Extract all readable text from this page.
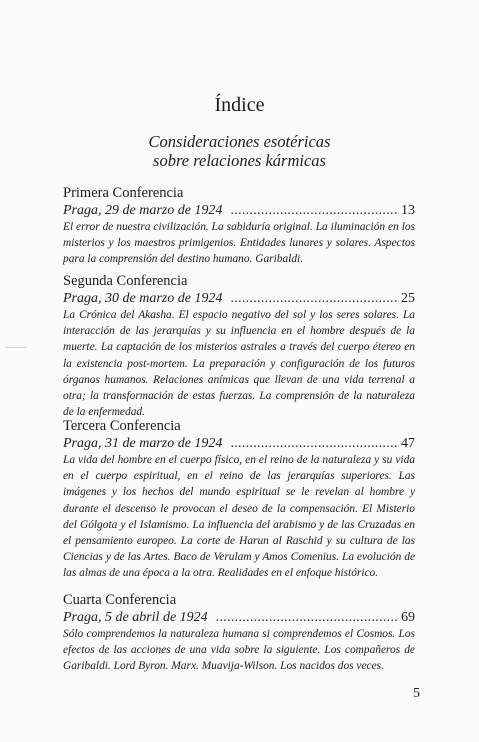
Índice
Consideraciones esotéricas
sobre relaciones kármicas
Primera Conferencia
Praga, 29 de marzo de 1924 .....	13
El error de nuestra civilización. La sabiduría original. La iluminación en los misterios y los maestros primigenios. Entidades lunares y solares. Aspectos para la comprensión del destino humano. Garibaldi.
Segunda Conferencia
Praga, 30 de marzo de 1924 .....	25
La Crónica del Akasha. El espacio negativo del sol y los seres solares. La interacción de las jerarquías y su influencia en el hombre después de la muerte. La captación de los misterios astrales a través del cuerpo étereo en la existencia post-mortem. La preparación y configuración de los futuros órganos humanos. Relaciones anímicas que llevan de una vida terrenal a otra; la transformación de estas fuerzas. La comprensión de la naturaleza de la enfermedad.
Tercera Conferencia
Praga, 31 de marzo de 1924 .....	47
La vida del hombre en el cuerpo físico, en el reino de la naturaleza y su vida en el cuerpo espiritual, en el reino de las jerarquías superiores. Las imágenes y los hechos del mundo espiritual se le revelan al hombre y durante el descenso le provocan el deseo de la compensación. El Misterio del Gólgota y el Islamismo. La influencia del arabismo y de las Cruzadas en el pensamiento europeo. La corte de Harun al Raschid y su cultura de las Ciencias y de las Artes. Baco de Verulam y Amos Comenius. La evolución de las almas de una época a la otra. Realidades en el enfoque histórico.
Cuarta Conferencia
Praga, 5 de abril de 1924 .....	69
Sólo comprendemos la naturaleza humana si comprendemos el Cosmos. Los efectos de las acciones de una vida sobre la siguiente. Los compañeros de Garibaldi. Lord Byron. Marx. Muavija-Wilson. Los nacidos dos veces.
5
